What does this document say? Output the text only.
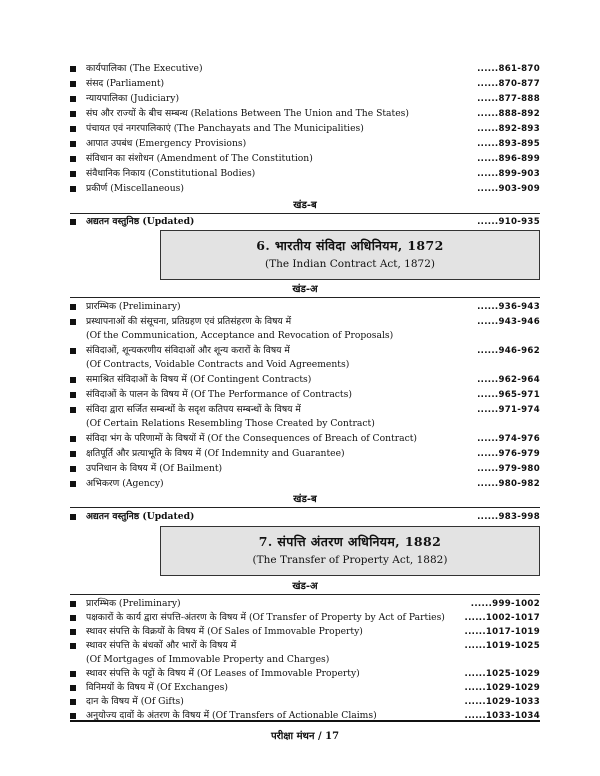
कार्यपालिका (The Executive)	......861-870
संसद (Parliament)	......870-877
न्यायपालिका (Judiciary)	......877-888
संघ और राज्यों के बीच सम्बन्ध (Relations Between The Union and The States)	......888-892
पंचायत एवं नगरपालिकाएं (The Panchayats and The Municipalities)	......892-893
आपात उपबंध (Emergency Provisions)	......893-895
संविधान का संशोधन (Amendment of The Constitution)	......896-899
संवैधानिक निकाय (Constitutional Bodies)	......899-903
प्रकीर्ण (Miscellaneous)	......903-909
खंड-ब
अद्यतन वस्तुनिष्ठ (Updated)	......910-935
6. भारतीय संविदा अधिनियम, 1872
(The Indian Contract Act, 1872)
खंड-अ
प्रारम्भिक (Preliminary)	......936-943
प्रस्थापनाओं की संसूचना, प्रतिग्रहण एवं प्रतिसंहरण के विषय में	......943-946
(Of the Communication, Acceptance and Revocation of Proposals)
संविदाओं, शून्यकरणीय संविदाओं और शून्य करारों के विषय में	......946-962
(Of Contracts, Voidable Contracts and Void Agreements)
समाश्रित संविदाओं के विषय में (Of Contingent Contracts)	......962-964
संविदाओं के पालन के विषय में (Of The Performance of Contracts)	......965-971
संविदा द्वारा सर्जित सम्बन्धों के सदृश कतिपय सम्बन्धों के विषय में	......971-974
(Of Certain Relations Resembling Those Created by Contract)
संविदा भंग के परिणामों के विषयों में (Of the Consequences of Breach of Contract)	......974-976
क्षतिपूर्ति और प्रत्याभूति के विषय में (Of Indemnity and Guarantee)	......976-979
उपनिधान के विषय में (Of Bailment)	......979-980
अभिकरण (Agency)	......980-982
खंड-ब
अद्यतन वस्तुनिष्ठ (Updated)	......983-998
7. संपत्ति अंतरण अधिनियम, 1882
(The Transfer of Property Act, 1882)
खंड-अ
प्रारम्भिक (Preliminary)	......999-1002
पक्षकारों के कार्य द्वारा संपत्ति-अंतरण के विषय में (Of Transfer of Property by Act of Parties) ......1002-1017
स्थावर संपत्ति के विक्रयों के विषय में (Of Sales of Immovable Property)	......1017-1019
स्थावर संपत्ति के बंधकों और भारों के विषय में	......1019-1025
(Of Mortgages of Immovable Property and Charges)
स्थावर संपत्ति के पट्टों के विषय में (Of Leases of Immovable Property)	......1025-1029
विनिमयों के विषय में (Of Exchanges)	......1029-1029
दान के विषय में (Of Gifts)	......1029-1033
परीक्षा मंथन / 17
अनुयोज्य दावों के अंतरण के विषय में (Of Transfers of Actionable Claims)	......1033-1034
